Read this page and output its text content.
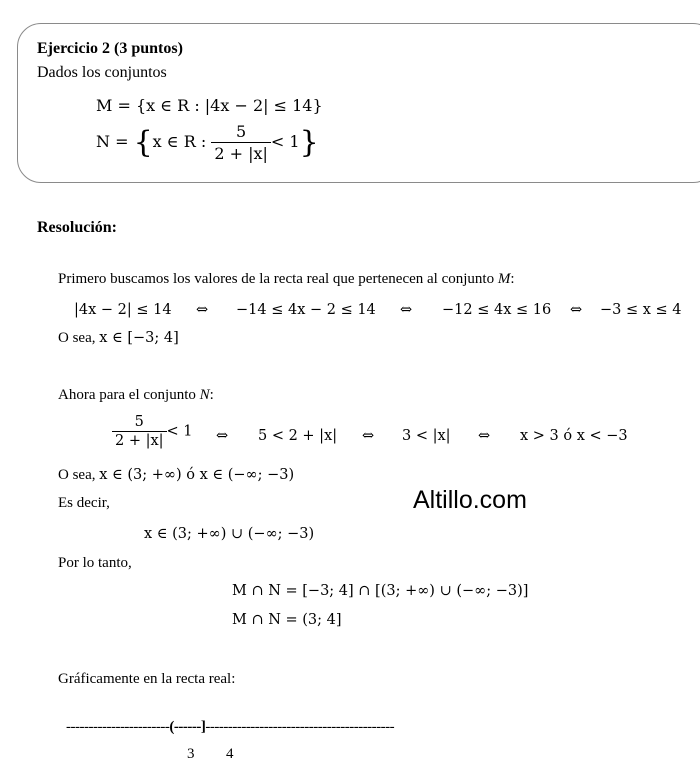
Ejercicio 2 (3 puntos)
Dados los conjuntos
M = {x ∈ R : |4x − 2| ≤ 14}
N = {x ∈ R : $\frac{5}{2 + |x|} < 1$}
Resolución:
Primero buscamos los valores de la recta real que pertenecen al conjunto M:
|4x − 2| ≤ 14 ⇔ −14 ≤ 4x − 2 ≤ 14 ⇔ −12 ≤ 4x ≤ 16 ⇔ −3 ≤ x ≤ 4
O sea, x ∈ [−3; 4]
Ahora para el conjunto N:
$\frac{5}{2 + |x|} < 1$ ⇔ 5 < 2 + |x| ⇔ 3 < |x| ⇔ x > 3 ó x < −3
O sea, x ∈ (3; +∞) ó x ∈ (−∞; −3)
Es decir,	Altillo.com
x ∈ (3; +∞) ∪ (−∞; −3)
Por lo tanto,
M ∩ N = [−3; 4] ∩ [(3; +∞) ∪ (−∞; −3)]
M ∩ N = (3; 4]
Gráficamente en la recta real:
-----------------------(------]------------------------------------------
3 4
